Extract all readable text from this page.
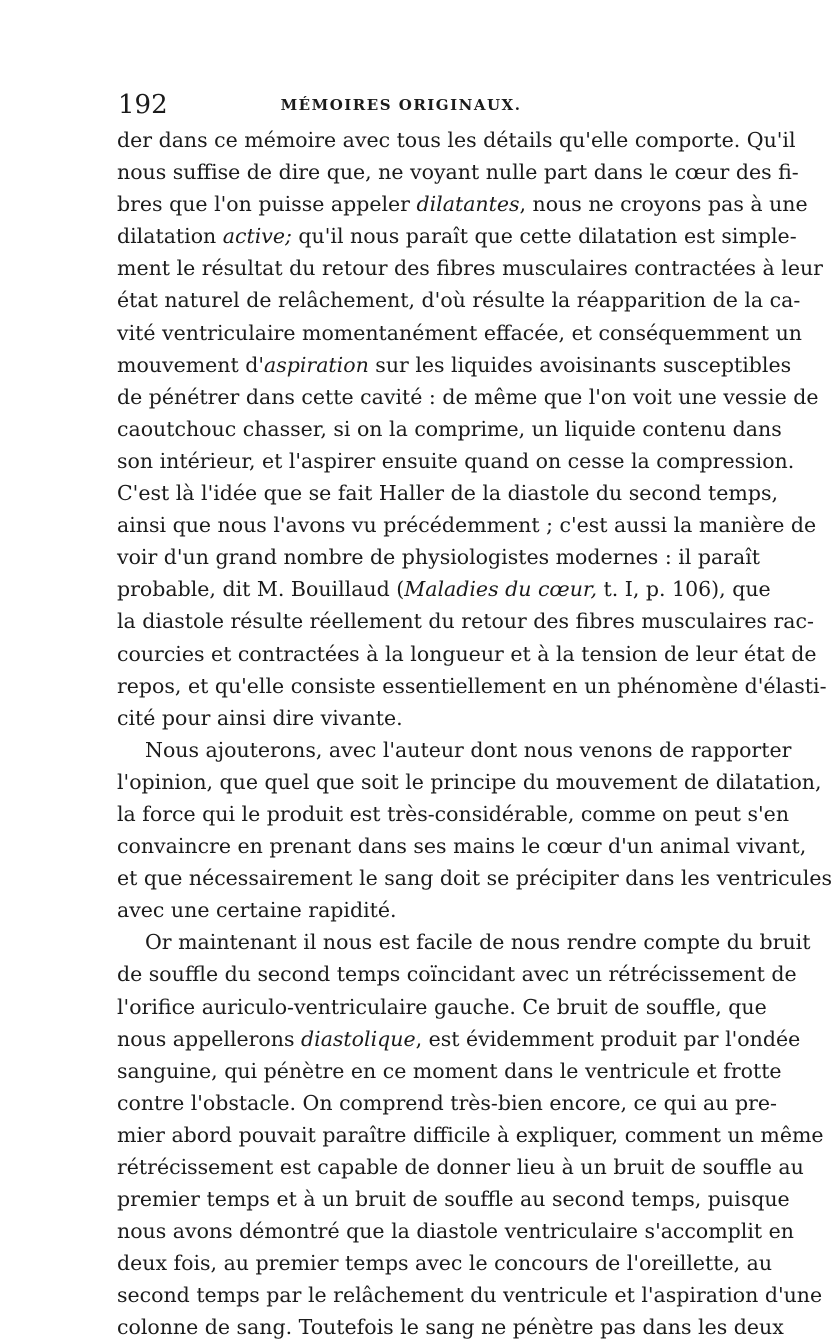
192	MÉMOIRES ORIGINAUX.
der dans ce mémoire avec tous les détails qu'elle comporte. Qu'il
nous suffise de dire que, ne voyant nulle part dans le cœur des fi-
bres que l'on puisse appeler dilatantes, nous ne croyons pas à une
dilatation active; qu'il nous paraît que cette dilatation est simple-
ment le résultat du retour des fibres musculaires contractées à leur
état naturel de relâchement, d'où résulte la réapparition de la ca-
vité ventriculaire momentanément effacée, et conséquemment un
mouvement d'aspiration sur les liquides avoisinants susceptibles
de pénétrer dans cette cavité : de même que l'on voit une vessie de
caoutchouc chasser, si on la comprime, un liquide contenu dans
son intérieur, et l'aspirer ensuite quand on cesse la compression.
C'est là l'idée que se fait Haller de la diastole du second temps,
ainsi que nous l'avons vu précédemment ; c'est aussi la manière de
voir d'un grand nombre de physiologistes modernes : il paraît
probable, dit M. Bouillaud (Maladies du cœur, t. I, p. 106), que
la diastole résulte réellement du retour des fibres musculaires rac-
courcies et contractées à la longueur et à la tension de leur état de
repos, et qu'elle consiste essentiellement en un phénomène d'élasti-
cité pour ainsi dire vivante.
Nous ajouterons, avec l'auteur dont nous venons de rapporter
l'opinion, que quel que soit le principe du mouvement de dilatation,
la force qui le produit est très-considérable, comme on peut s'en
convaincre en prenant dans ses mains le cœur d'un animal vivant,
et que nécessairement le sang doit se précipiter dans les ventricules
avec une certaine rapidité.
Or maintenant il nous est facile de nous rendre compte du bruit
de souffle du second temps coïncidant avec un rétrécissement de
l'orifice auriculo-ventriculaire gauche. Ce bruit de souffle, que
nous appellerons diastolique, est évidemment produit par l'ondée
sanguine, qui pénètre en ce moment dans le ventricule et frotte
contre l'obstacle. On comprend très-bien encore, ce qui au pre-
mier abord pouvait paraître difficile à expliquer, comment un même
rétrécissement est capable de donner lieu à un bruit de souffle au
premier temps et à un bruit de souffle au second temps, puisque
nous avons démontré que la diastole ventriculaire s'accomplit en
deux fois, au premier temps avec le concours de l'oreillette, au
second temps par le relâchement du ventricule et l'aspiration d'une
colonne de sang. Toutefois le sang ne pénètre pas dans les deux
